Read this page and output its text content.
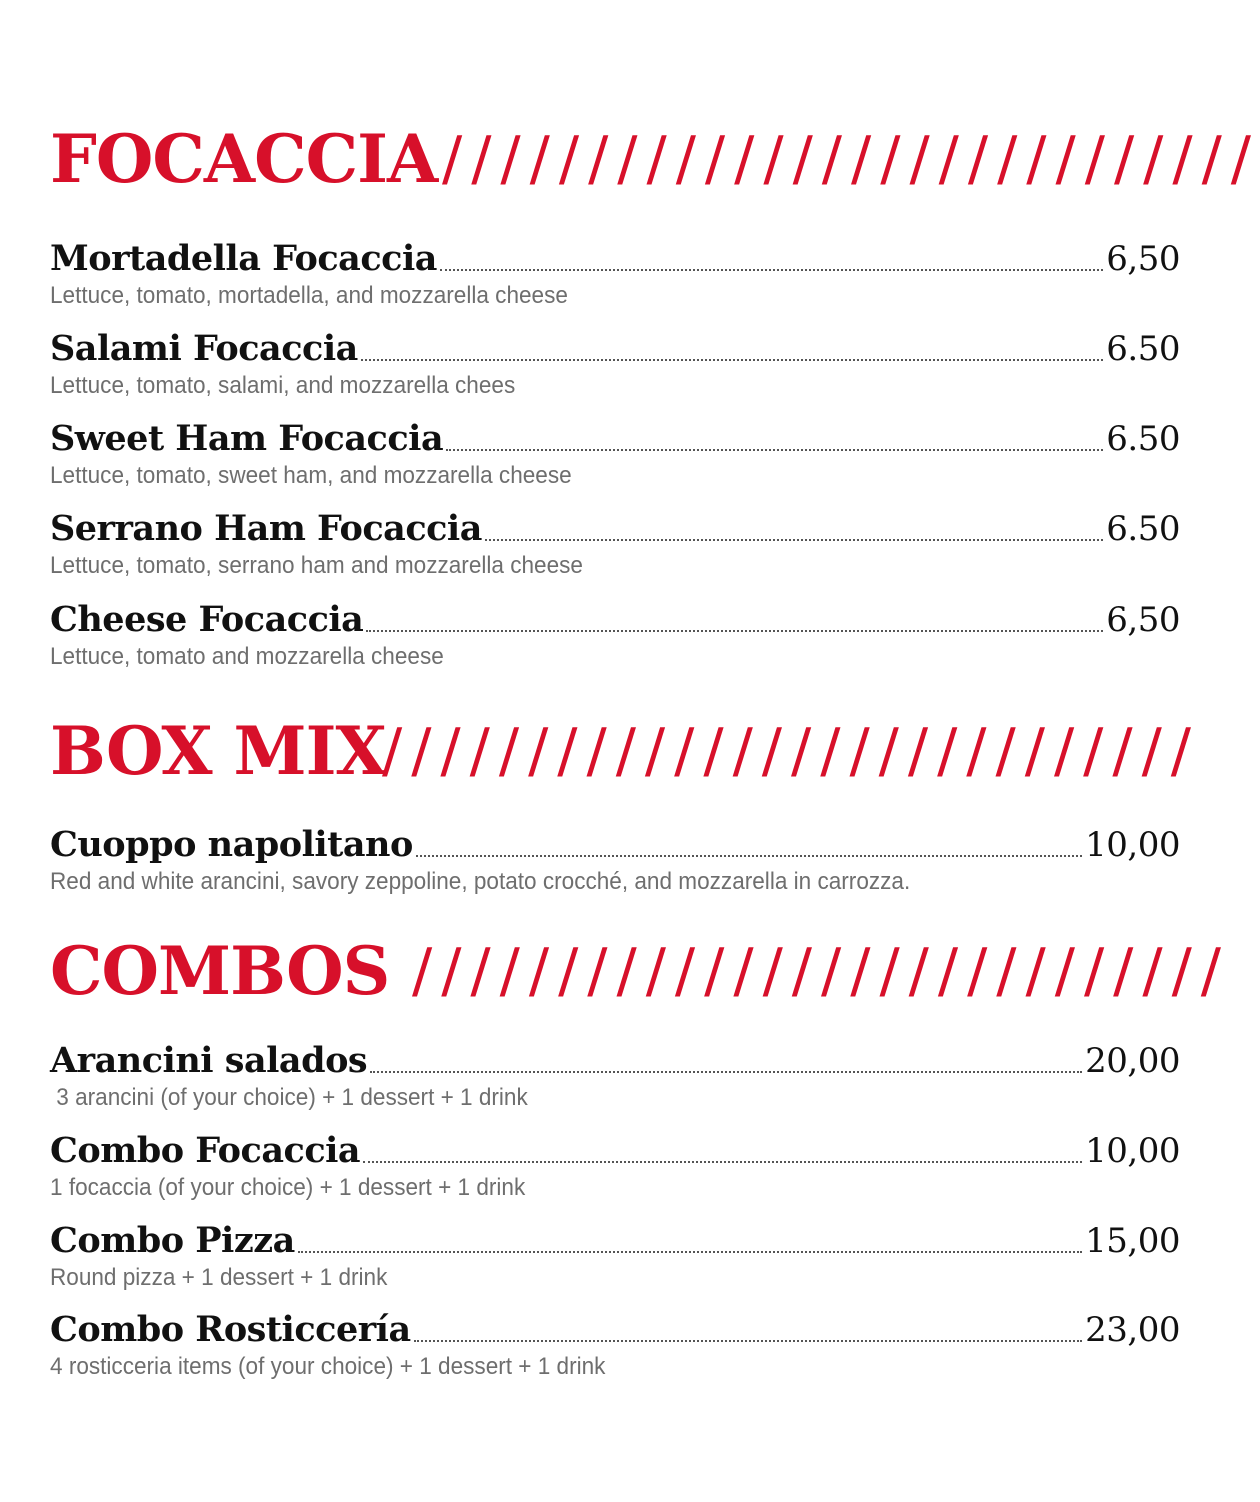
FOCACCIA ////////////////////////////
Mortadella Focaccia	6,50
Lettuce, tomato, mortadella, and mozzarella cheese
Salami Focaccia	6.50
Lettuce, tomato, salami, and mozzarella chees
Sweet Ham Focaccia	6.50
Lettuce, tomato, sweet ham, and mozzarella cheese
Serrano Ham Focaccia	6.50
Lettuce, tomato, serrano ham and mozzarella cheese
Cheese Focaccia	6,50
Lettuce, tomato and mozzarella cheese
BOX MIX
////////////////////////////
Cuoppo napolitano	10,00
Red and white arancini, savory zeppoline, potato crocché, and mozzarella in carrozza.
COMBOS ////////////////////////////
Arancini salados	20,00
3 arancini (of your choice) + 1 dessert + 1 drink
Combo Focaccia	10,00
1 focaccia (of your choice) + 1 dessert + 1 drink
Combo Pizza	15,00
Round pizza + 1 dessert + 1 drink
Combo Rosticcería	23,00
4 rosticceria items (of your choice) + 1 dessert + 1 drink
